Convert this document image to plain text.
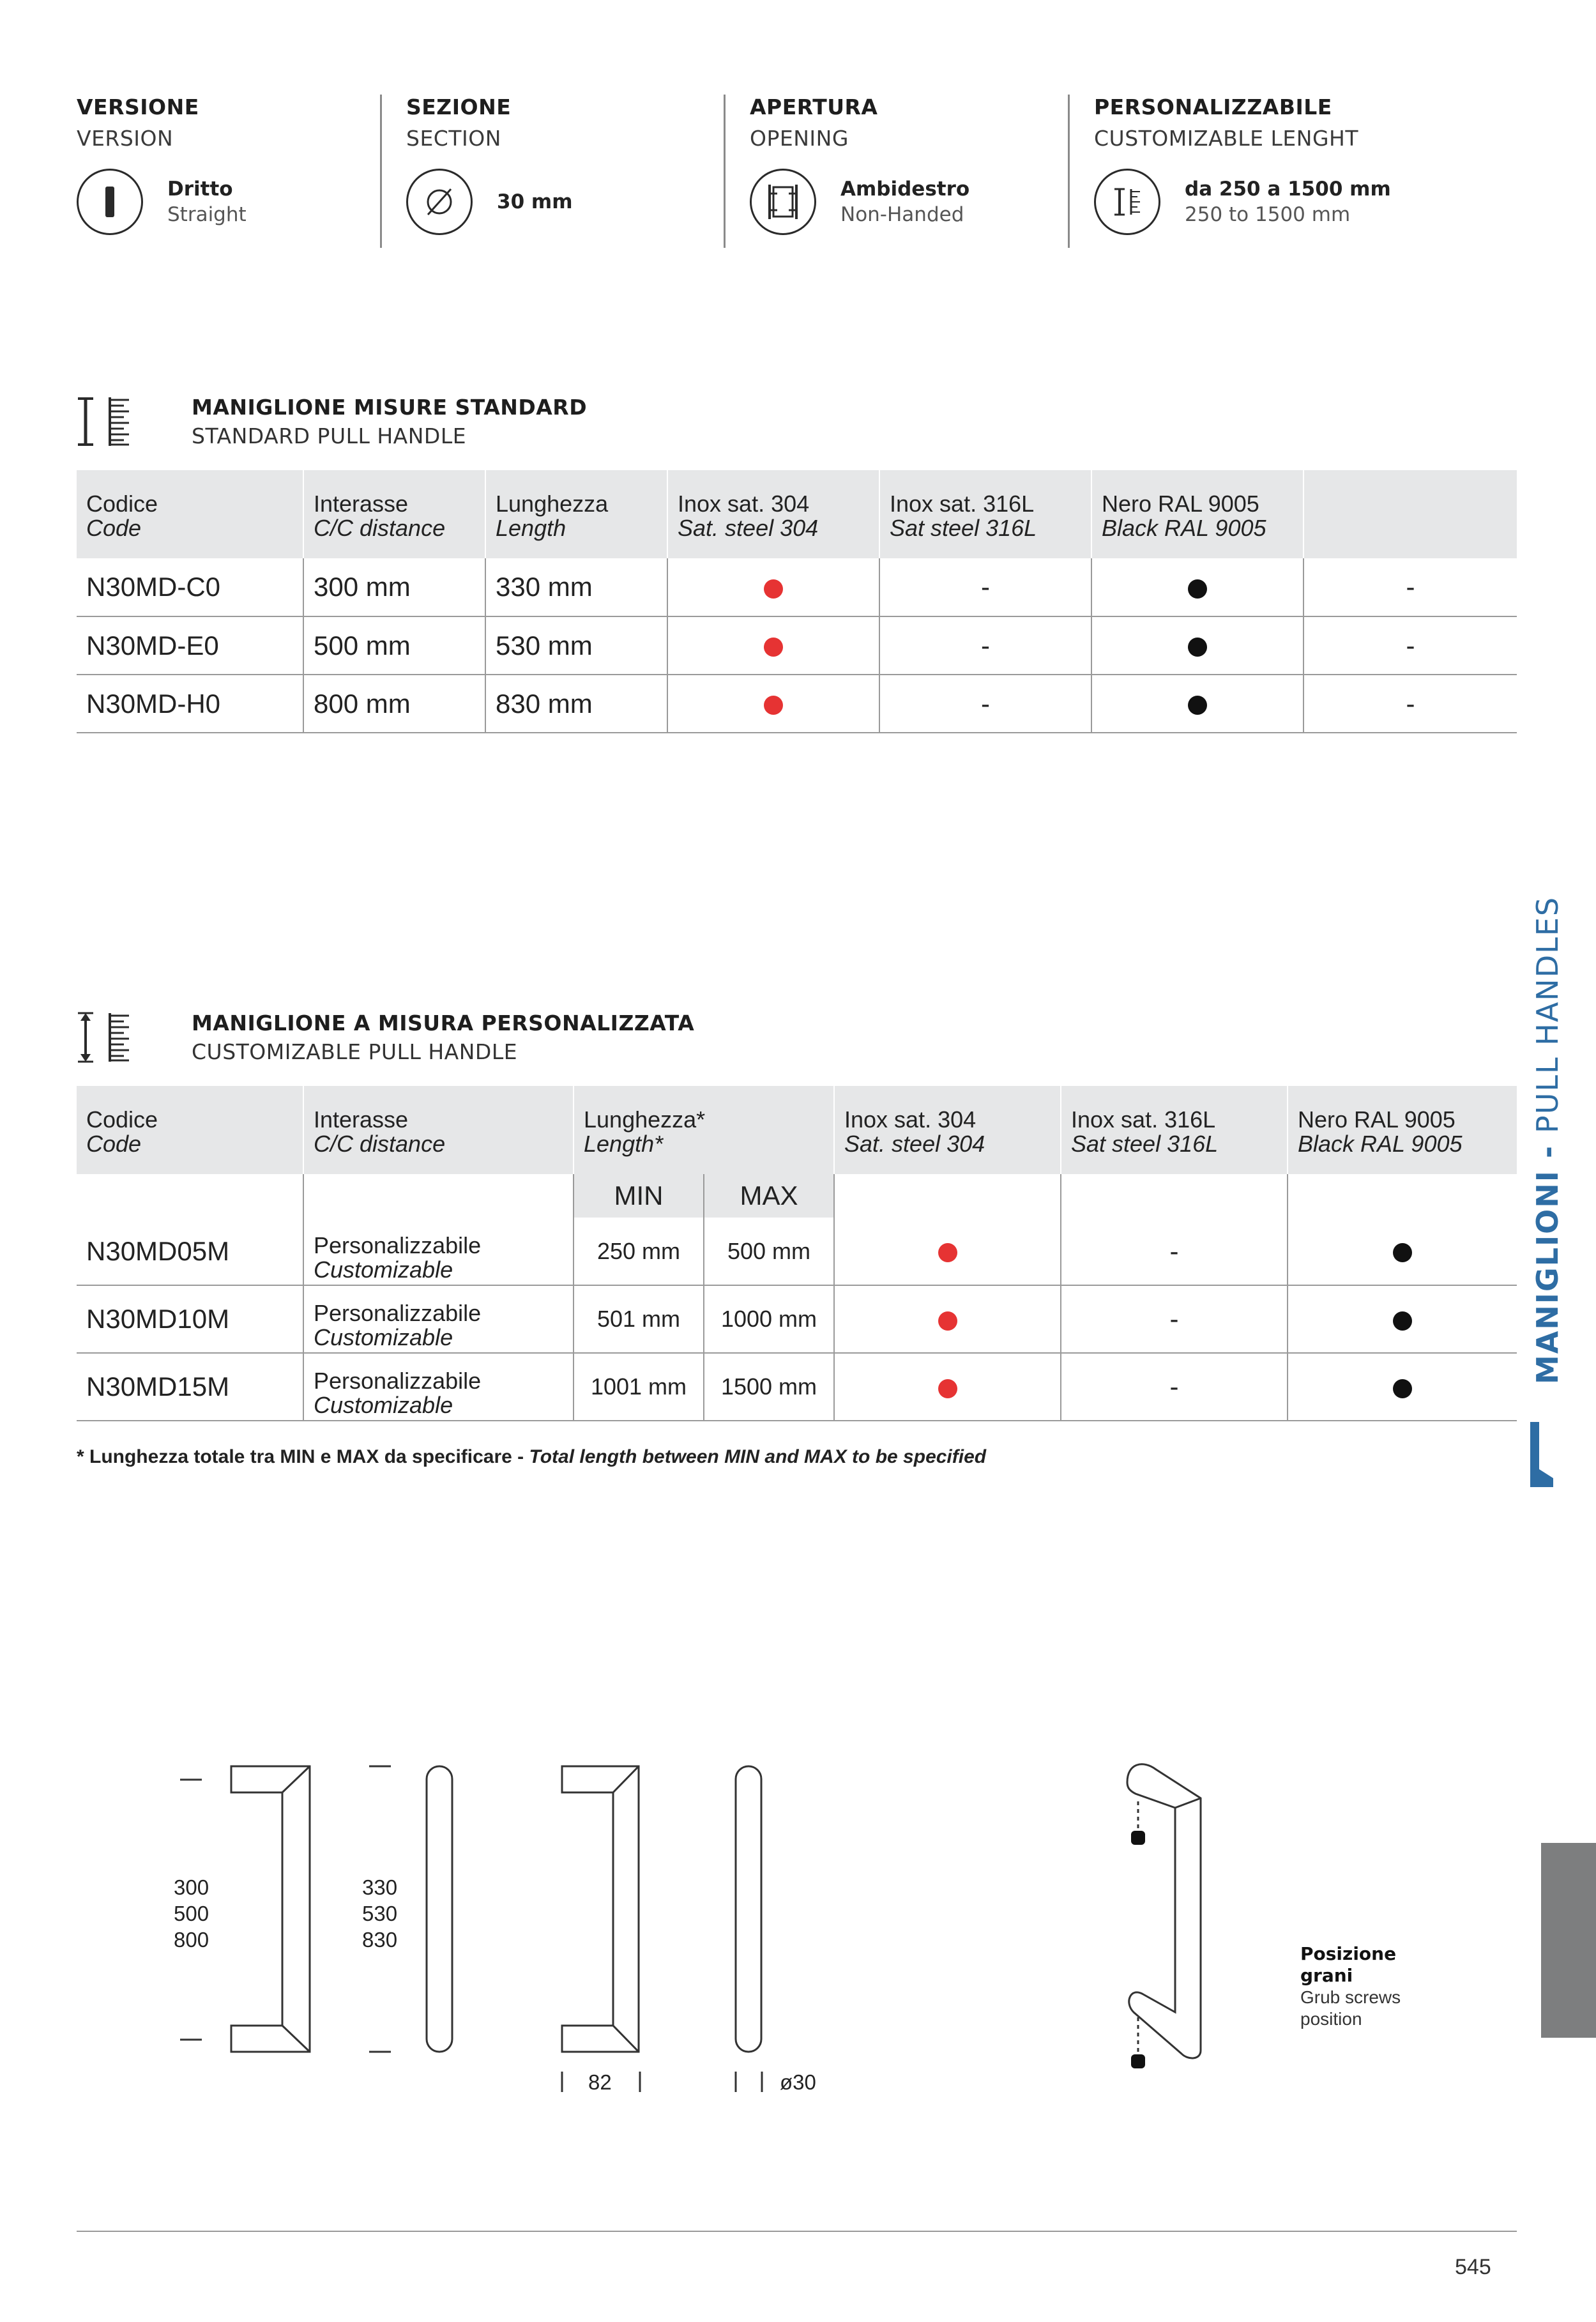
VERSIONE
VERSION
Dritto
Straight
SEZIONE
SECTION
30 mm
APERTURA
OPENING
Ambidestro
Non-Handed
PERSONALIZZABILE
CUSTOMIZABLE LENGHT
da 250 a 1500 mm
250 to 1500 mm
MANIGLIONE MISURE STANDARD
STANDARD PULL HANDLE
Codice
Code	Interasse
C/C distance	Lunghezza
Length	Inox sat. 304
Sat. steel 304	Inox sat. 316L
Sat steel 316L	Nero RAL 9005
Black RAL 9005	

N30MD-C0	300 mm	330 mm		-		-
N30MD-E0	500 mm	530 mm		-		-
N30MD-H0	800 mm	830 mm		-		-
MANIGLIONE A MISURA PERSONALIZZATA
CUSTOMIZABLE PULL HANDLE
Codice
Code	Interasse
C/C distance	Lunghezza*
Length*		Inox sat. 304
Sat. steel 304	Inox sat. 316L
Sat steel 316L	Nero RAL 9005
Black RAL 9005

		MIN	MAX			
N30MD05M	Personalizzabile
Customizable	250 mm	500 mm		-	
N30MD10M	Personalizzabile
Customizable	501 mm	1000 mm		-	
N30MD15M	Personalizzabile
Customizable	1001 mm	1500 mm		-	
* Lunghezza totale tra MIN e MAX da specificare - Total length between MIN and MAX to be specified
MANIGLIONI - PULL HANDLES
300
500
800
330
530
830
82	ø30
Posizione
grani
Grub screws
position
545
